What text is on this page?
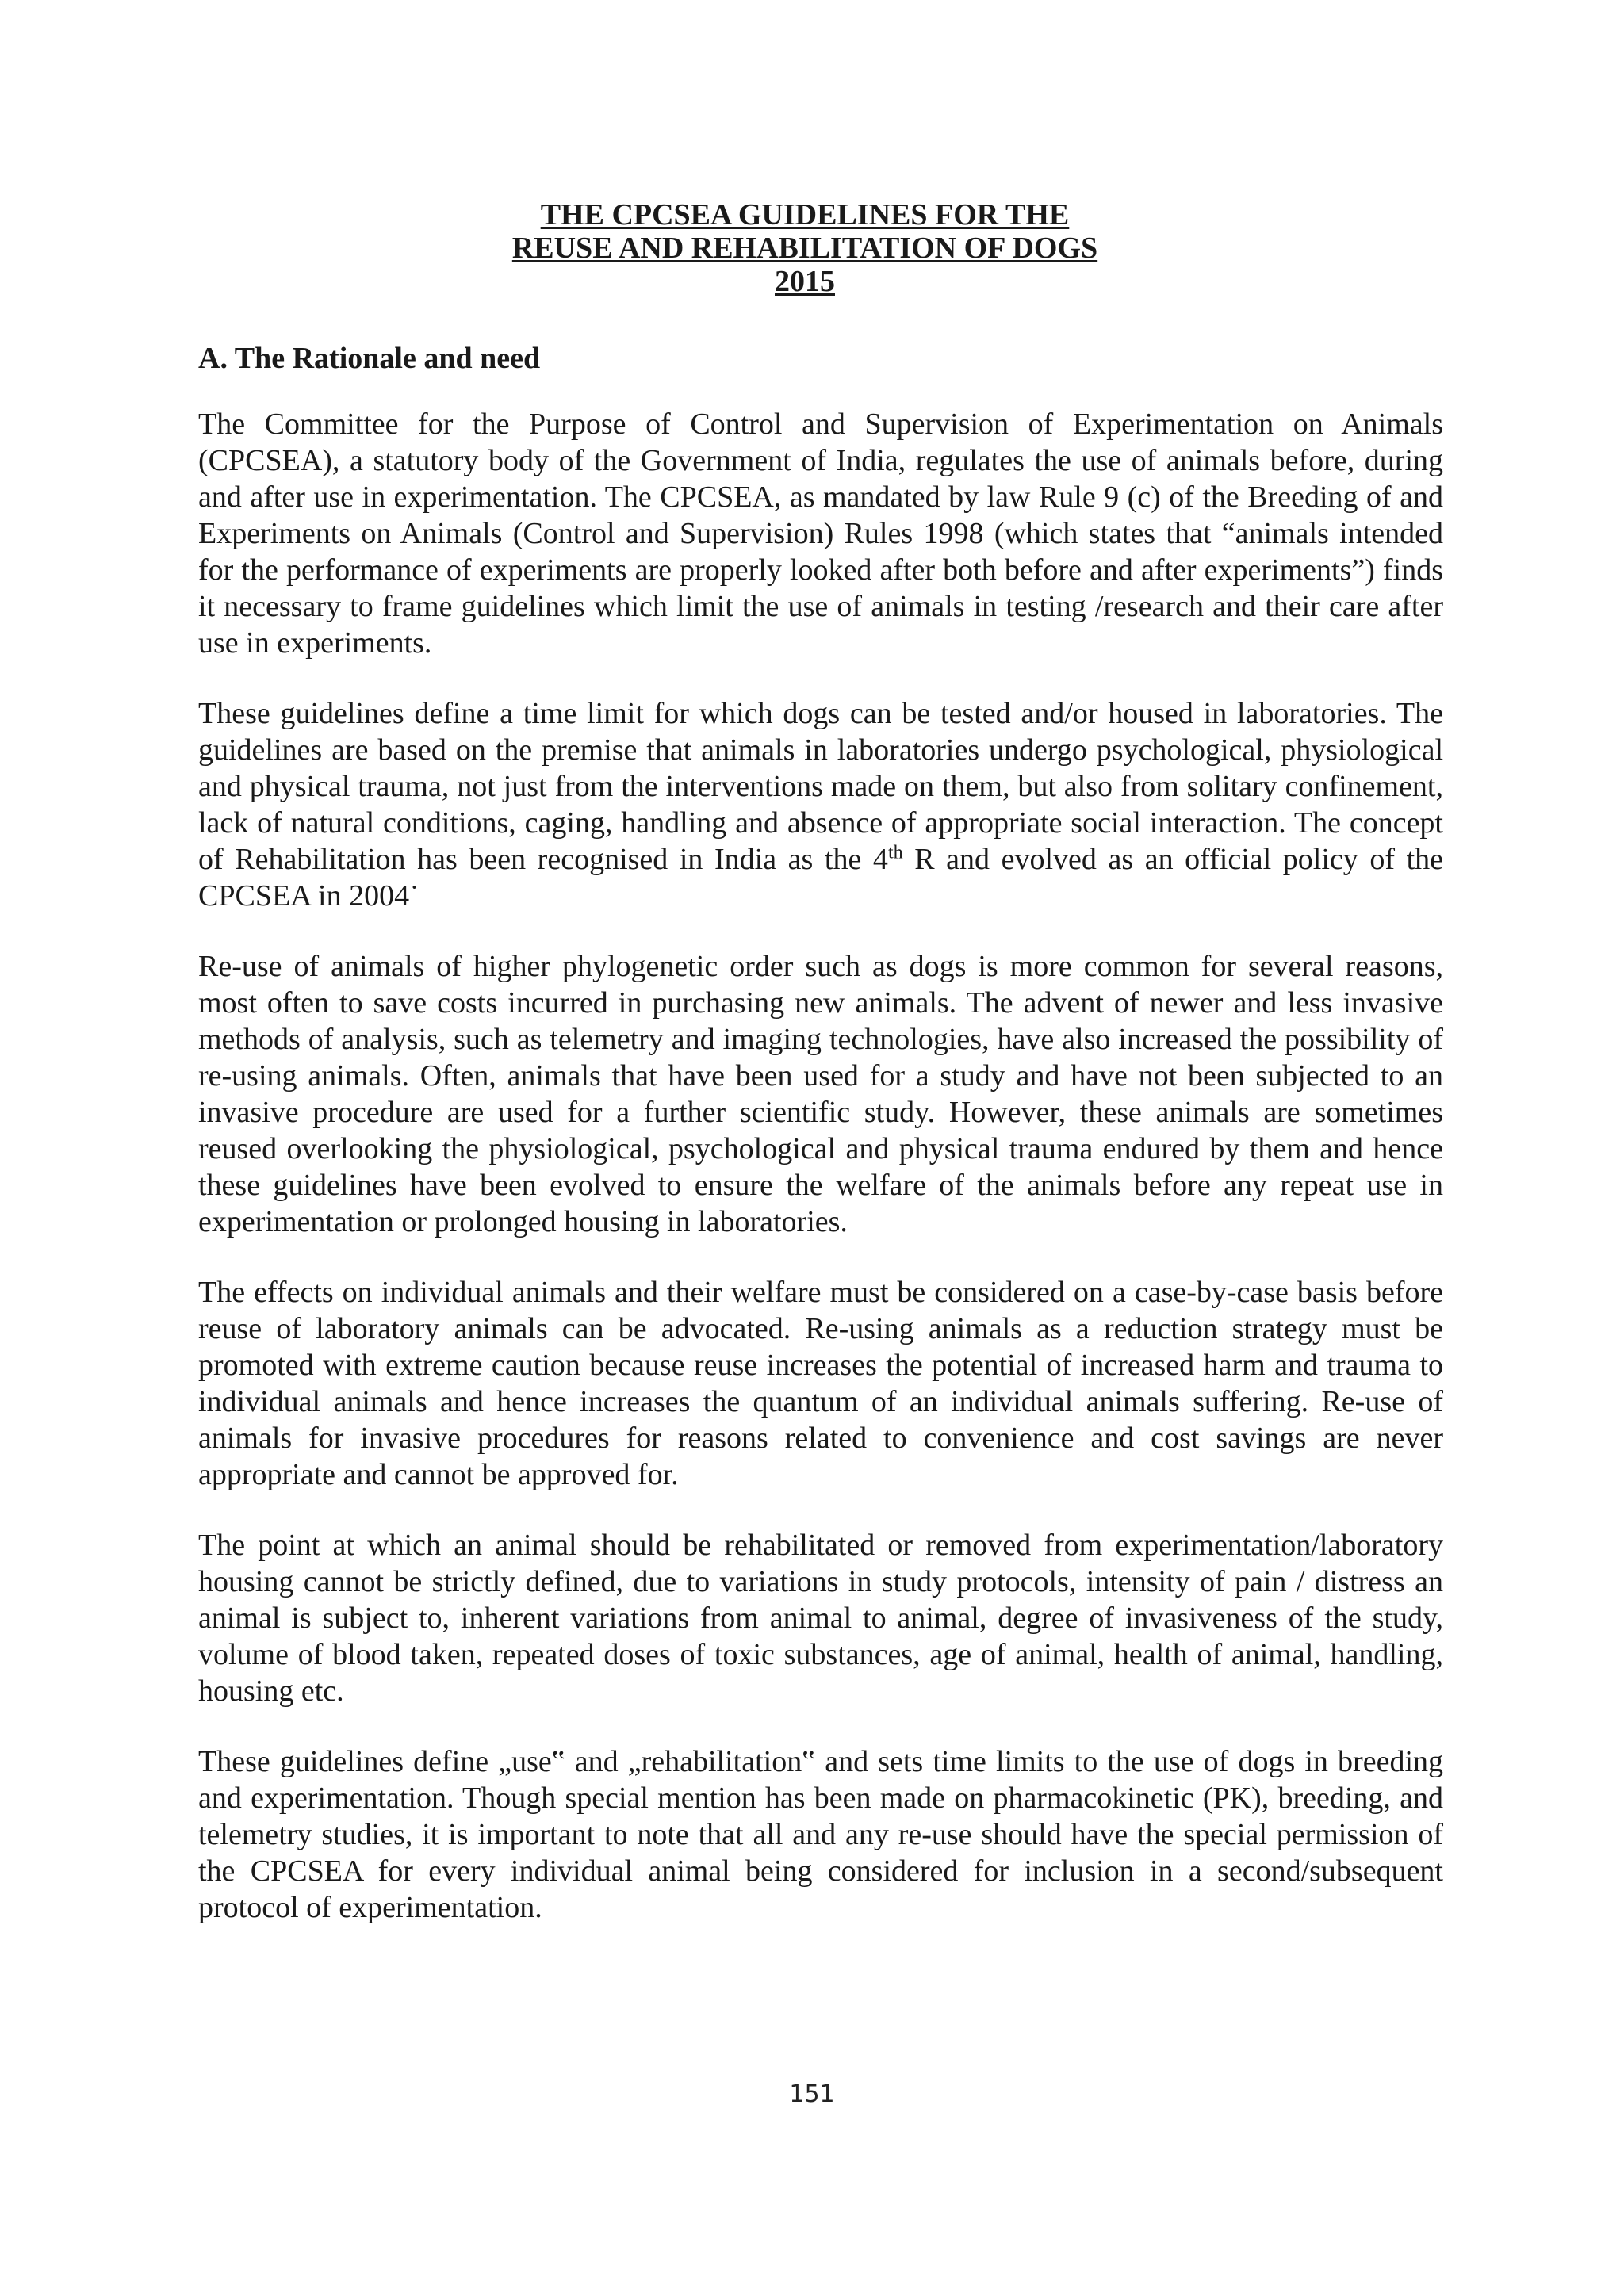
THE CPCSEA GUIDELINES FOR THE
REUSE AND REHABILITATION OF DOGS
2015
A. The Rationale and need

The Committee for the Purpose of Control and Supervision of Experimentation on Animals (CPCSEA), a statutory body of the Government of India, regulates the use of animals before, during and after use in experimentation. The CPCSEA, as mandated by law Rule 9 (c) of the Breeding of and Experiments on Animals (Control and Supervision) Rules 1998 (which states that “animals intended for the performance of experiments are properly looked after both before and after experiments”) finds it necessary to frame guidelines which limit the use of animals in testing /research and their care after use in experiments.

These guidelines define a time limit for which dogs can be tested and/or housed in laboratories. The guidelines are based on the premise that animals in laboratories undergo psychological, physiological and physical trauma, not just from the interventions made on them, but also from solitary confinement, lack of natural conditions, caging, handling and absence of appropriate social interaction. The concept of Rehabilitation has been recognised in India as the 4th R and evolved as an official policy of the CPCSEA in 2004˙

Re-use of animals of higher phylogenetic order such as dogs is more common for several reasons, most often to save costs incurred in purchasing new animals. The advent of newer and less invasive methods of analysis, such as telemetry and imaging technologies, have also increased the possibility of re-using animals. Often, animals that have been used for a study and have not been subjected to an invasive procedure are used for a further scientific study. However, these animals are sometimes reused overlooking the physiological, psychological and physical trauma endured by them and hence these guidelines have been evolved to ensure the welfare of the animals before any repeat use in experimentation or prolonged housing in laboratories.

The effects on individual animals and their welfare must be considered on a case-by-case basis before reuse of laboratory animals can be advocated. Re-using animals as a reduction strategy must be promoted with extreme caution because reuse increases the potential of increased harm and trauma to individual animals and hence increases the quantum of an individual animals suffering. Re-use of animals for invasive procedures for reasons related to convenience and cost savings are never appropriate and cannot be approved for.

The point at which an animal should be rehabilitated or removed from experimentation/laboratory housing cannot be strictly defined, due to variations in study protocols, intensity of pain / distress an animal is subject to, inherent variations from animal to animal, degree of invasiveness of the study, volume of blood taken, repeated doses of toxic substances, age of animal, health of animal, handling, housing etc.

These guidelines define „use‟ and „rehabilitation‟ and sets time limits to the use of dogs in breeding and experimentation. Though special mention has been made on pharmacokinetic (PK), breeding, and telemetry studies, it is important to note that all and any re-use should have the special permission of the CPCSEA for every individual animal being considered for inclusion in a second/subsequent protocol of experimentation.

151
